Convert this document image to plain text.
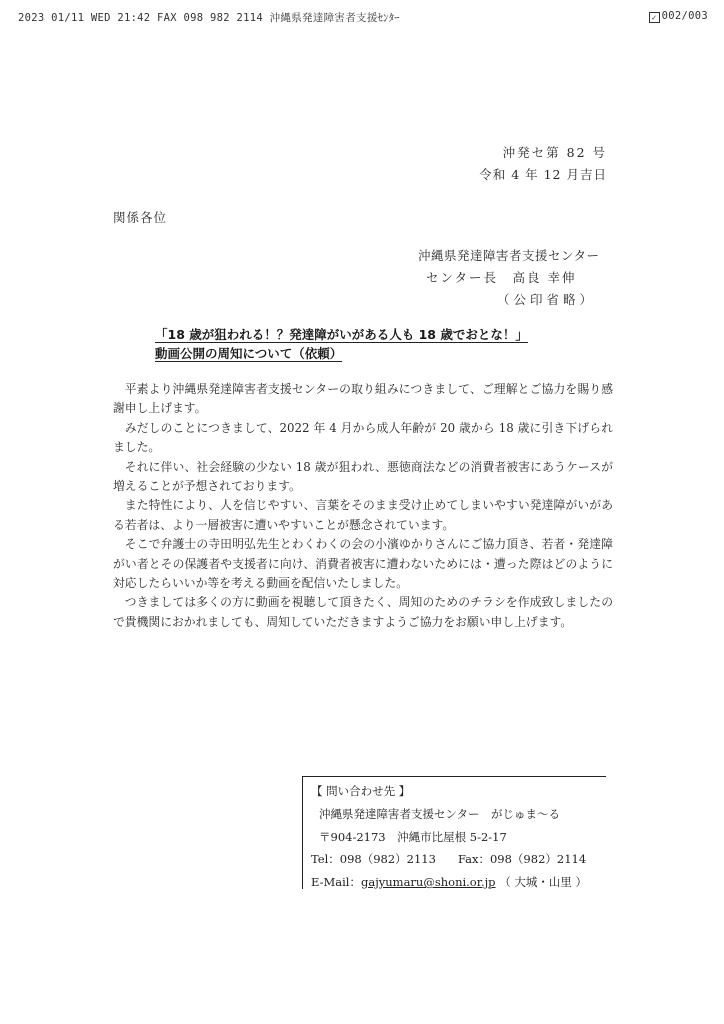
2023 01/11 WED 21:42 FAX 098 982 2114 沖縄県発達障害者支援ｾﾝﾀｰ	✓ 002/003
沖発セ第 82 号
令和 4 年 12 月吉日
関係各位
沖縄県発達障害者支援センター
センター長　高良 幸伸
（公印省略）
「18 歳が狙われる！？発達障がいがある人も 18 歳でおとな！」
動画公開の周知について（依頼）

平素より沖縄県発達障害者支援センターの取り組みにつきまして、ご理解とご協力を賜り感謝申し上げます。

みだしのことにつきまして、2022 年 4 月から成人年齢が 20 歳から 18 歳に引き下げられました。

それに伴い、社会経験の少ない 18 歳が狙われ、悪徳商法などの消費者被害にあうケースが増えることが予想されております。

また特性により、人を信じやすい、言葉をそのまま受け止めてしまいやすい発達障がいがある若者は、より一層被害に遭いやすいことが懸念されています。

そこで弁護士の寺田明弘先生とわくわくの会の小濱ゆかりさんにご協力頂き、若者・発達障がい者とその保護者や支援者に向け、消費者被害に遭わないためには・遭った際はどのように対応したらいいか等を考える動画を配信いたしました。

つきましては多くの方に動画を視聴して頂きたく、周知のためのチラシを作成致しましたので貴機関におかれましても、周知していただきますようご協力をお願い申し上げます。

【 問い合わせ先 】
沖縄県発達障害者支援センター　がじゅま～る
〒904-2173　沖縄市比屋根 5-2-17
Tel：098（982）2113 Fax：098（982）2114
E-Mail：gajyumaru@shoni.or.jp （ 大城・山里 ）
